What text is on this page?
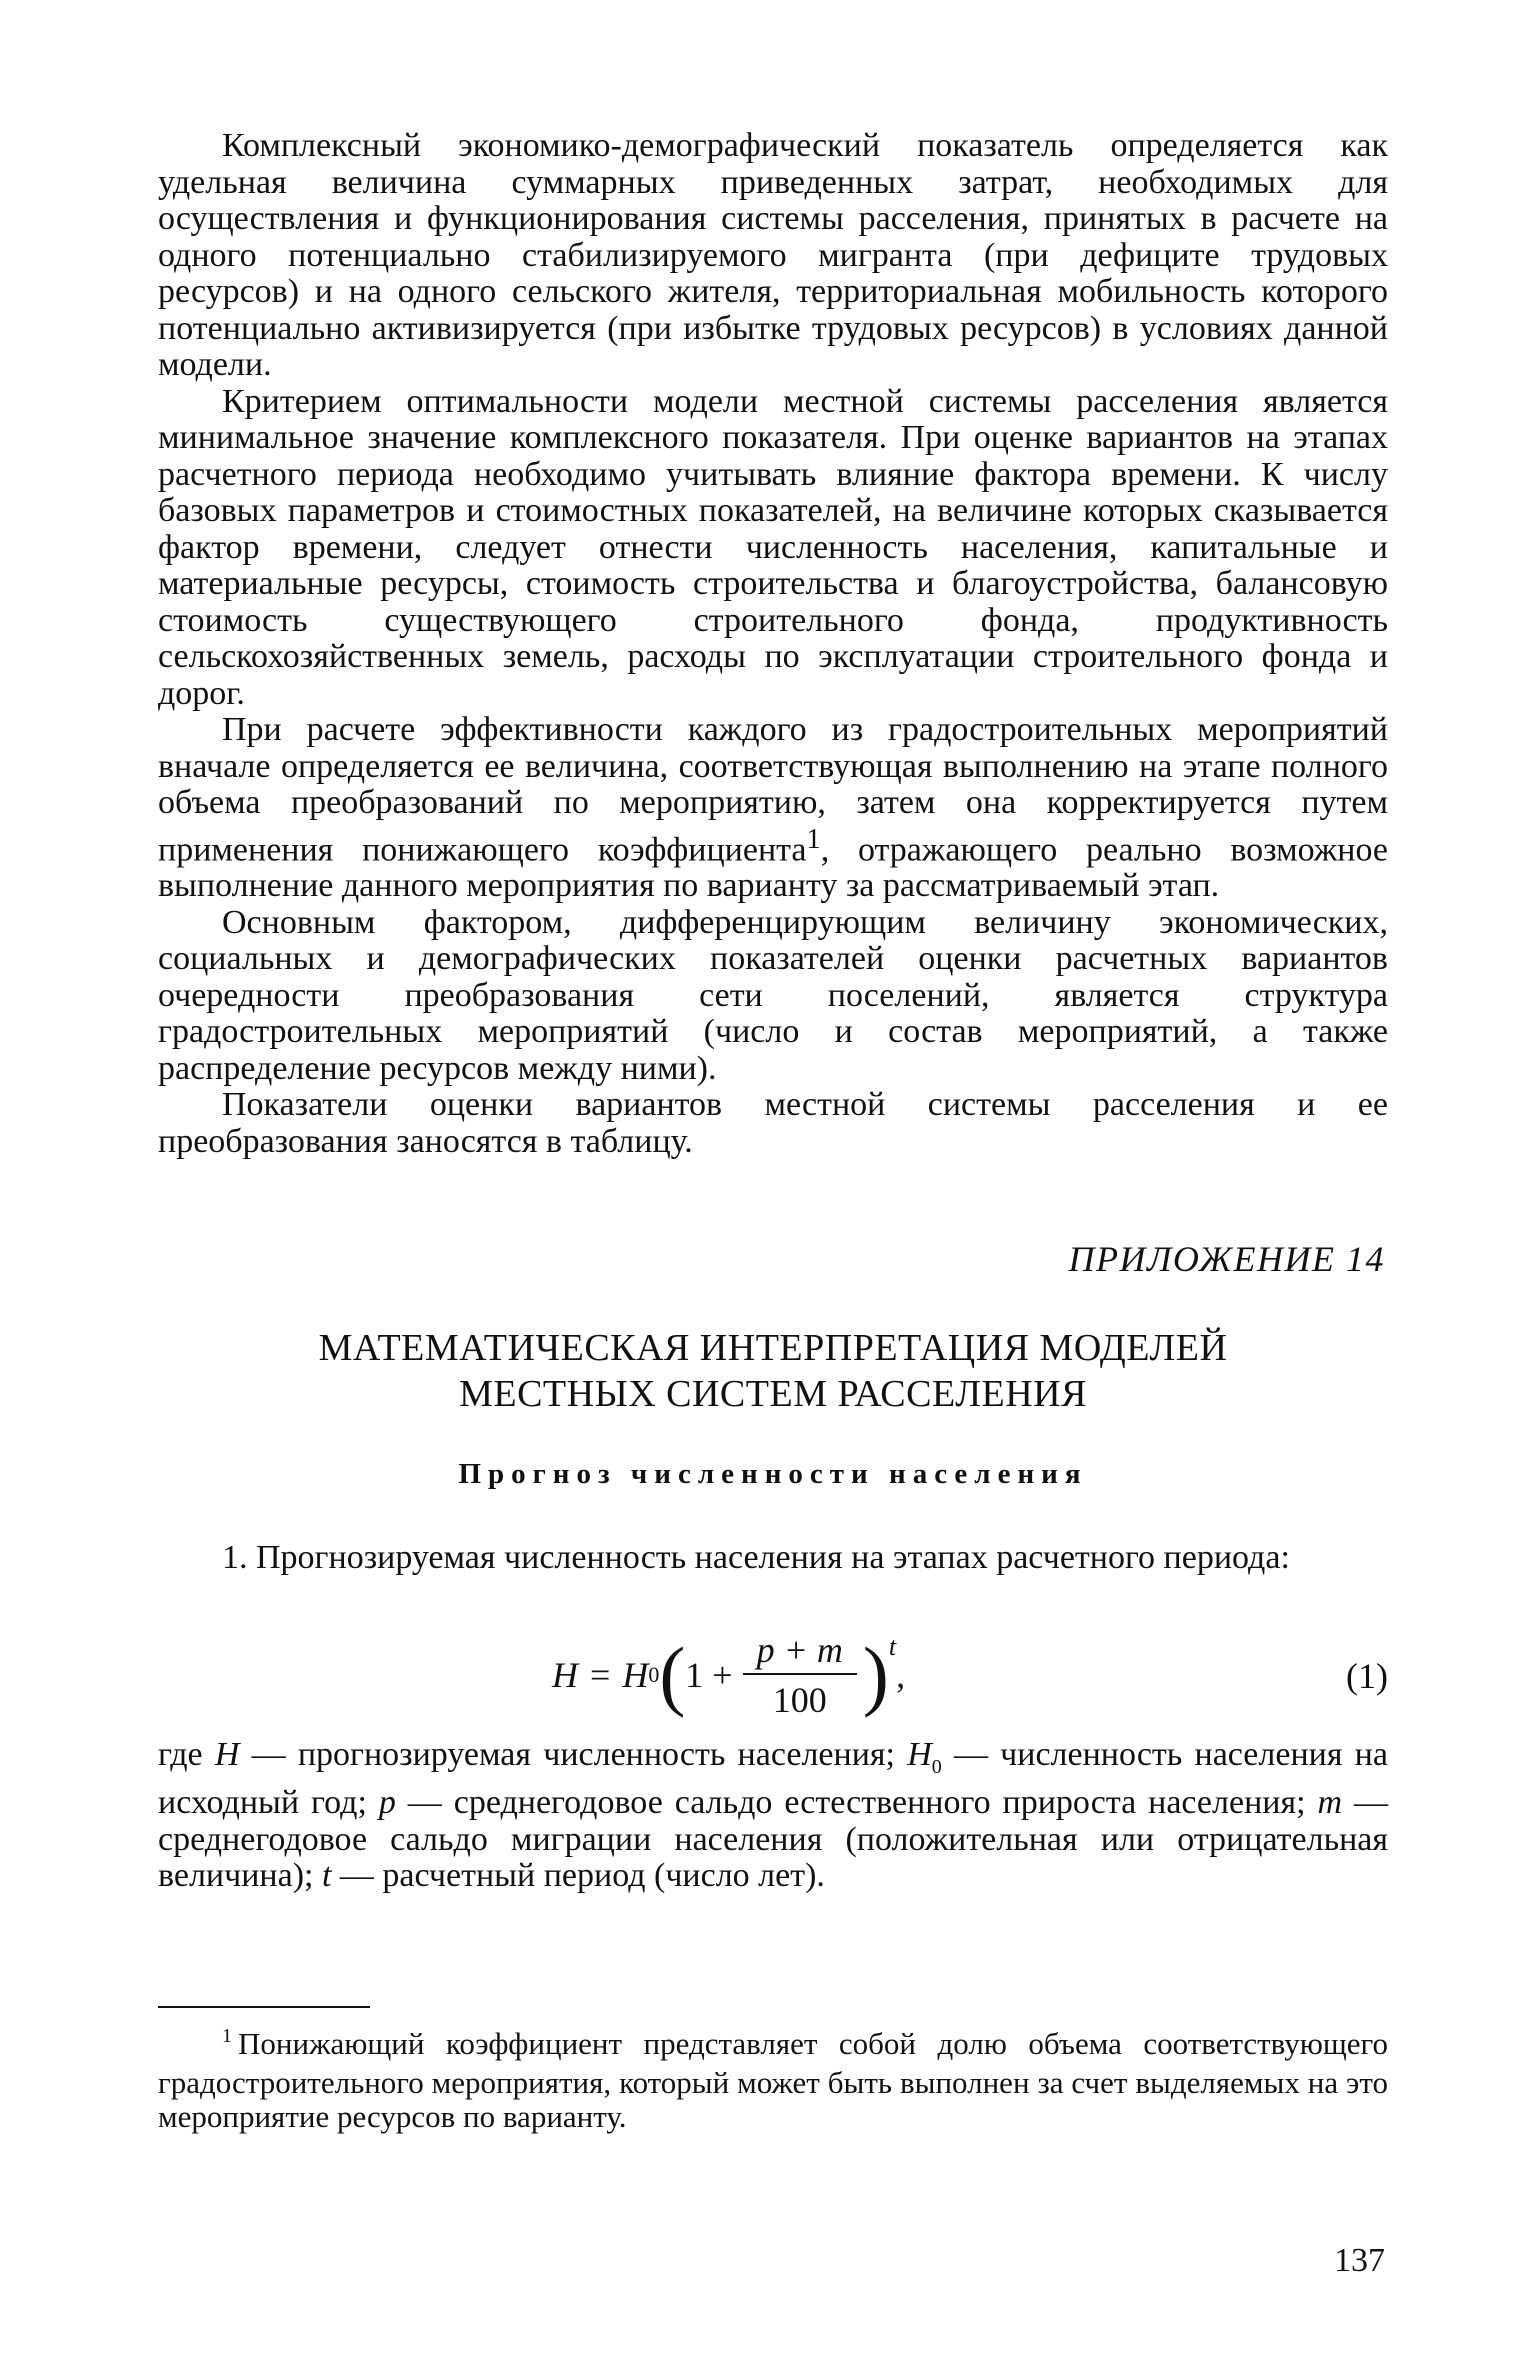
Комплексный экономико-демографический показатель определяется как удельная величина суммарных приведенных затрат, необходимых для осуществления и функционирования системы расселения, принятых в расчете на одного потенциально стабилизируемого мигранта (при дефиците трудовых ресурсов) и на одного сельского жителя, территориальная мобильность которого потенциально активизируется (при избытке трудовых ресурсов) в условиях данной модели.

Критерием оптимальности модели местной системы расселения является минимальное значение комплексного показателя. При оценке вариантов на этапах расчетного периода необходимо учитывать влияние фактора времени. К числу базовых параметров и стоимостных показателей, на величине которых сказывается фактор времени, следует отнести численность населения, капитальные и материальные ресурсы, стоимость строительства и благоустройства, балансовую стоимость существующего строительного фонда, продуктивность сельскохозяйственных земель, расходы по эксплуатации строительного фонда и дорог.

При расчете эффективности каждого из градостроительных мероприятий вначале определяется ее величина, соответствующая выполнению на этапе полного объема преобразований по мероприятию, затем она корректируется путем применения понижающего коэффициента$^1$, отражающего реально возможное выполнение данного мероприятия по варианту за рассматриваемый этап.

Основным фактором, дифференцирующим величину экономических, социальных и демографических показателей оценки расчетных вариантов очередности преобразования сети поселений, является структура градостроительных мероприятий (число и состав мероприятий, а также распределение ресурсов между ними).

Показатели оценки вариантов местной системы расселения и ее преобразования заносятся в таблицу.

ПРИЛОЖЕНИЕ 14
МАТЕМАТИЧЕСКАЯ ИНТЕРПРЕТАЦИЯ МОДЕЛЕЙ
МЕСТНЫХ СИСТЕМ РАССЕЛЕНИЯ
Прогноз численности населения

1. Прогнозируемая численность населения на этапах расчетного периода:

H = H 0 ( $1 + \frac{p + m}{100}$ ) t
,	(1)

где H — прогнозируемая численность населения; $H_0$ — численность населения на исходный год; p — среднегодовое сальдо естественного прироста населения; m — среднегодовое сальдо миграции населения (положительная или отрицательная величина); t — расчетный период (число лет).

$^1$ Понижающий коэффициент представляет собой долю объема соответствующего градостроительного мероприятия, который может быть выполнен за счет выделяемых на это мероприятие ресурсов по варианту.

137
